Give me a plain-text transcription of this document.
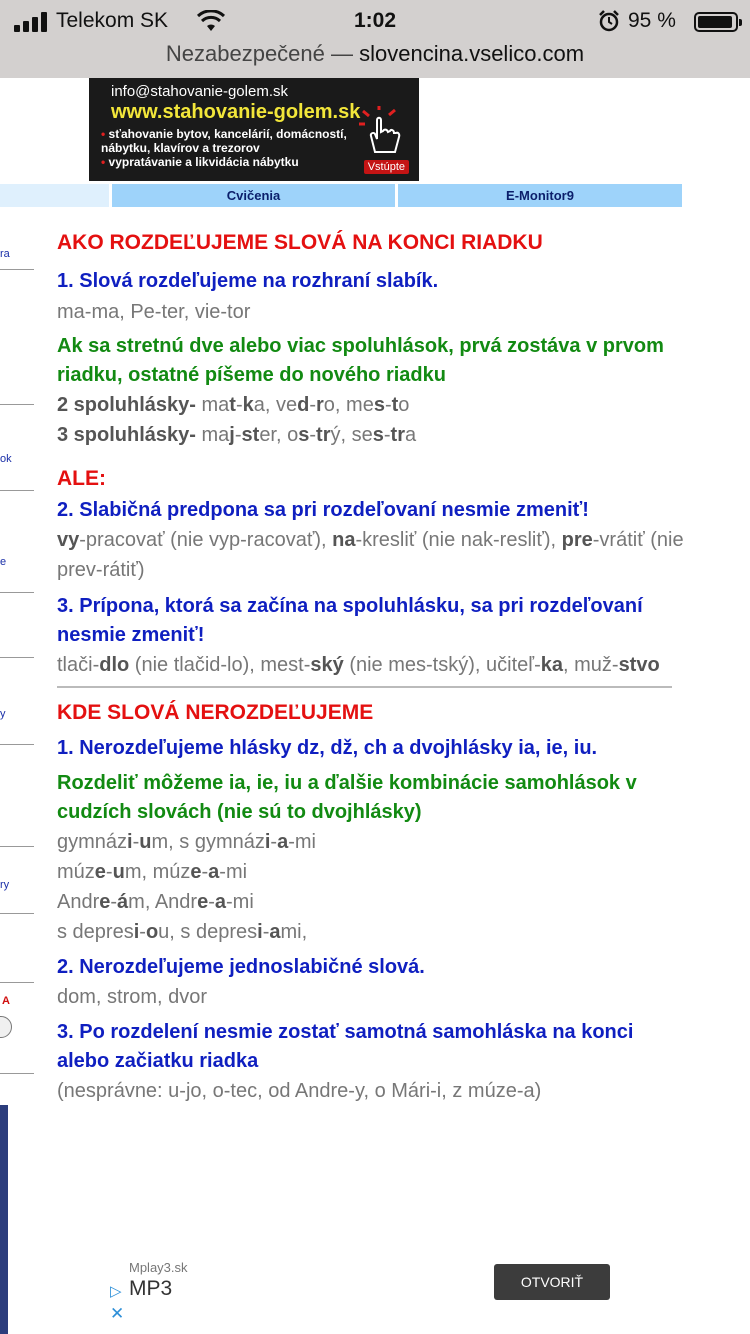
Telekom SK	1:02	95 %
Nezabezpečené — slovencina.vselico.com
info@stahovanie-golem.sk
www.stahovanie-golem.sk
• sťahovanie bytov, kancelárií, domácností, nábytku, klavírov a trezorov
• vypratávanie a likvidácia nábytku	Vstúpte
Cvičenia	E-Monitor9
ra
ok
e
y
ry
A
AKO ROZDEĽUJEME SLOVÁ NA KONCI RIADKU
1. Slová rozdeľujeme na rozhraní slabík.
ma-ma, Pe-ter, vie-tor
Ak sa stretnú dve alebo viac spoluhlások, prvá zostáva v prvom riadku, ostatné píšeme do nového riadku
2 spoluhlásky- mat-ka, ved-ro, mes-to
3 spoluhlásky- maj-ster, os-trý, ses-tra
ALE:
2. Slabičná predpona sa pri rozdeľovaní nesmie zmeniť!
vy-pracovať (nie vyp-racovať), na-kresliť (nie nak-resliť), pre-vrátiť (nie prev-rátiť)
3. Prípona, ktorá sa začína na spoluhlásku, sa pri rozdeľovaní nesmie zmeniť!
tlači-dlo (nie tlačid-lo), mest-ský (nie mes-tský), učiteľ-ka, muž-stvo
KDE SLOVÁ NEROZDEĽUJEME
1. Nerozdeľujeme hlásky dz, dž, ch a dvojhlásky ia, ie, iu.
Rozdeliť môžeme ia, ie, iu a ďalšie kombinácie samohlások v cudzích slovách (nie sú to dvojhlásky)
gymnázi-um, s gymnázi-a-mi
múze-um, múze-a-mi
Andre-ám, Andre-a-mi
s depresi-ou, s depresi-ami,
2. Nerozdeľujeme jednoslabičné slová.
dom, strom, dvor
3. Po rozdelení nesmie zostať samotná samohláska na konci alebo začiatku riadka
(nesprávne: u-jo, o-tec, od Andre-y, o Mári-i, z múze-a)
Mplay3.sk
▷ MP3
✕
OTVORIŤ
